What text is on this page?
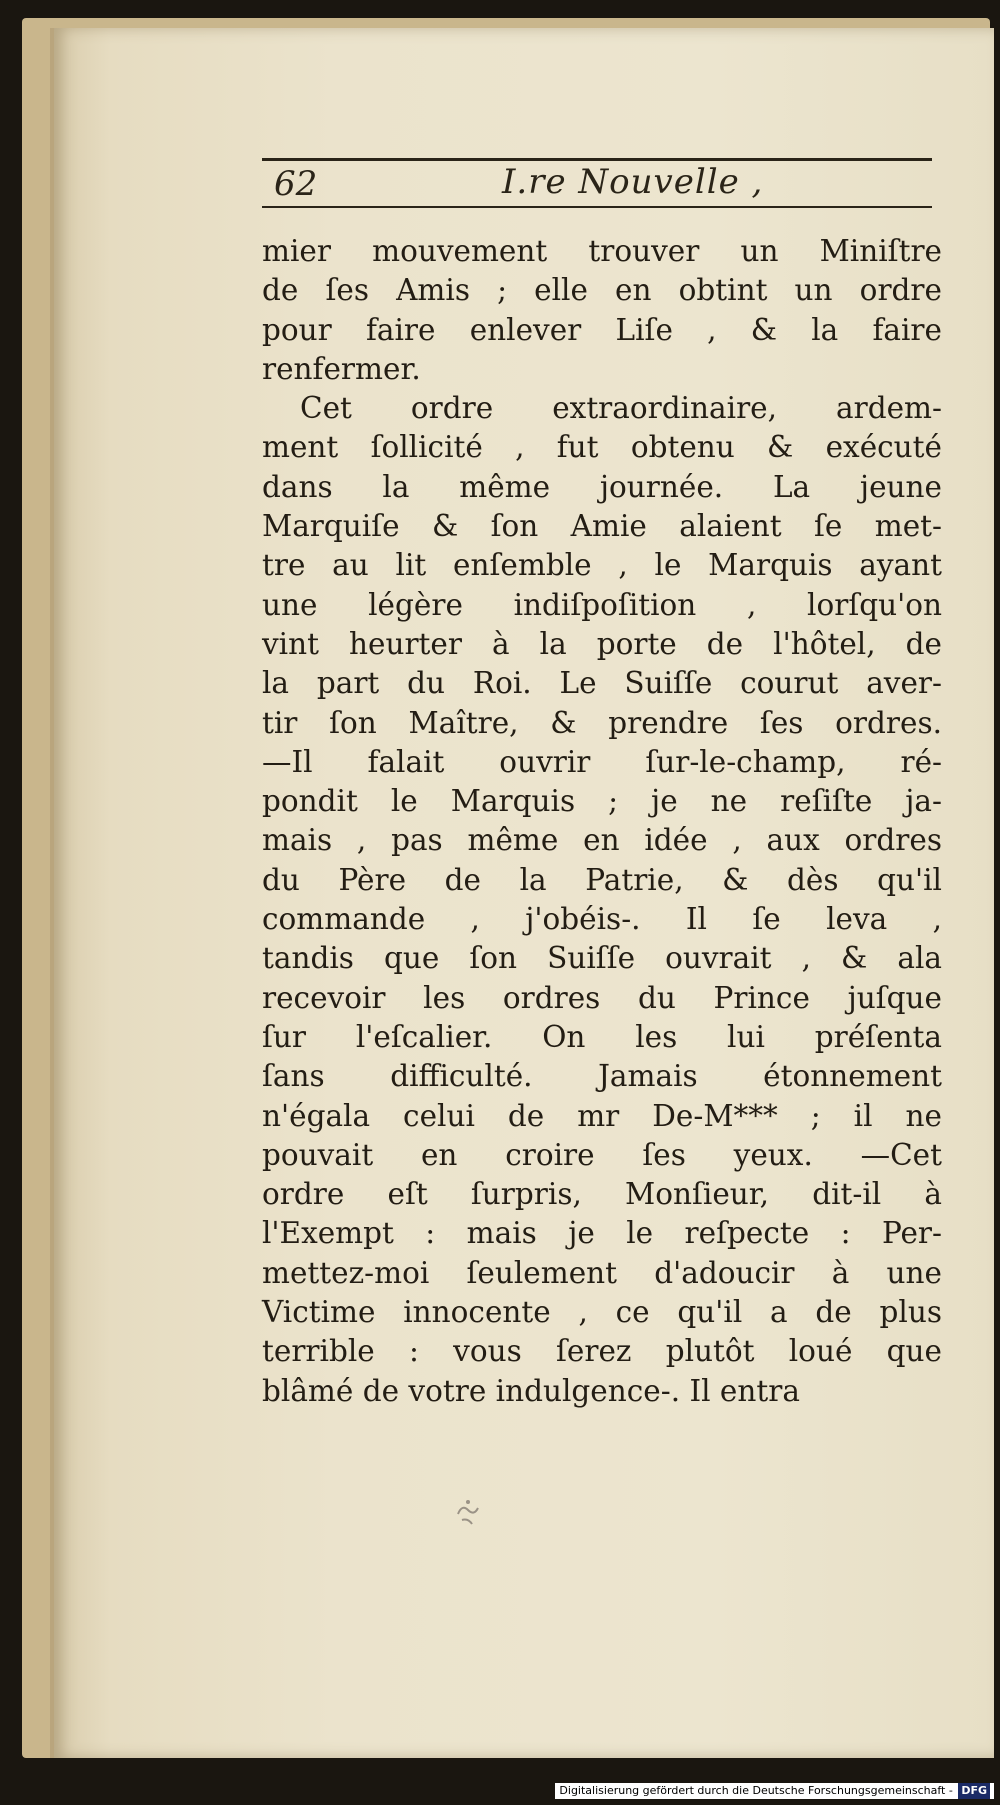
62	I.re Nouvelle ,
mier mouvement trouver un Miniſtre
de ſes Amis ; elle en obtint un ordre
pour faire enlever Liſe , & la faire
renfermer.
Cet ordre extraordinaire, ardem-
ment ſollicité , fut obtenu & exécuté
dans la même journée. La jeune
Marquiſe & ſon Amie alaient ſe met-
tre au lit enſemble , le Marquis ayant
une légère indiſpoſition , lorſqu'on
vint heurter à la porte de l'hôtel, de
la part du Roi. Le Suiſſe courut aver-
tir ſon Maître, & prendre ſes ordres.
—Il falait ouvrir ſur-le-champ, ré-
pondit le Marquis ; je ne reſiſte ja-
mais , pas même en idée , aux ordres
du Père de la Patrie, & dès qu'il
commande , j'obéis-. Il ſe leva ,
tandis que ſon Suiſſe ouvrait , & ala
recevoir les ordres du Prince juſque
ſur l'eſcalier. On les lui préſenta
ſans difficulté. Jamais étonnement
n'égala celui de mr De-M*** ; il ne
pouvait en croire ſes yeux. —Cet
ordre eſt ſurpris, Monſieur, dit-il à
l'Exempt : mais je le reſpecte : Per-
mettez-moi ſeulement d'adoucir à une
Victime innocente , ce qu'il a de plus
terrible : vous ſerez plutôt loué que
blâmé de votre indulgence-. Il entra
Digitalisierung gefördert durch die Deutsche Forschungsgemeinschaft - DFG
